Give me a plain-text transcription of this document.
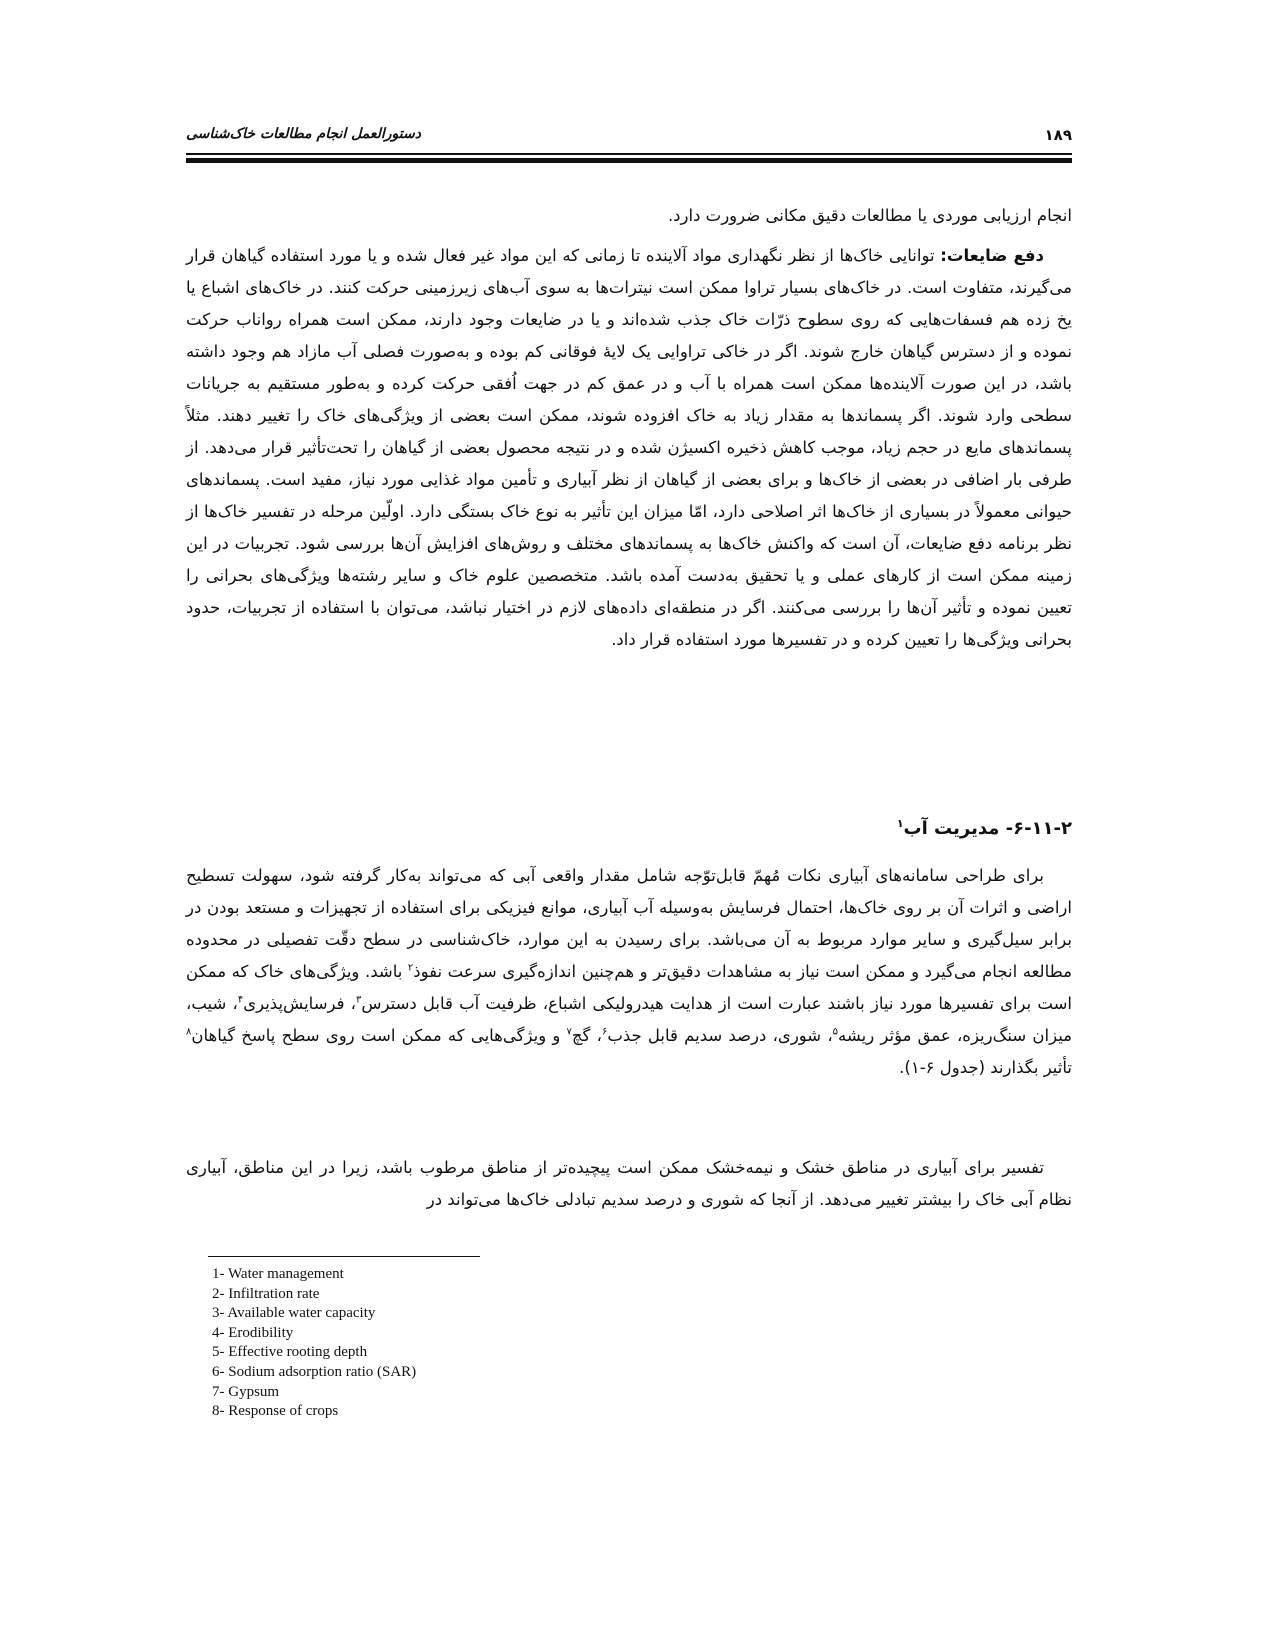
دستورالعمل انجام مطالعات خاک‌شناسی	۱۸۹

انجام ارزیابی موردی یا مطالعات دقیق مکانی ضرورت دارد.

دفع ضایعات: توانایی خاک‌ها از نظر نگهداری مواد آلاینده تا زمانی که این مواد غیر فعال شده و یا مورد استفاده گیاهان قرار می‌گیرند، متفاوت است. در خاک‌های بسیار تراوا ممکن است نیترات‌ها به سوی آب‌های زیرزمینی حرکت کنند. در خاک‌های اشباع یا یخ زده هم فسفات‌هایی که روی سطوح ذرّات خاک جذب شده‌اند و یا در ضایعات وجود دارند، ممکن است همراه رواناب حرکت نموده و از دسترس گیاهان خارج شوند. اگر در خاکی تراوایی یک لایهٔ فوقانی کم بوده و به‌صورت فصلی آب مازاد هم وجود داشته باشد، در این صورت آلاینده‌ها ممکن است همراه با آب و در عمق کم در جهت اُفقی حرکت کرده و به‌طور مستقیم به جریانات سطحی وارد شوند. اگر پسماندها به مقدار زیاد به خاک افزوده شوند، ممکن است بعضی از ویژگی‌های خاک را تغییر دهند. مثلاً پسماندهای مایع در حجم زیاد، موجب کاهش ذخیره اکسیژن شده و در نتیجه محصول بعضی از گیاهان را تحت‌تأثیر قرار می‌دهد. از طرفی بار اضافی در بعضی از خاک‌ها و برای بعضی از گیاهان از نظر آبیاری و تأمین مواد غذایی مورد نیاز، مفید است. پسماندهای حیوانی معمولاً در بسیاری از خاک‌ها اثر اصلاحی دارد، امّا میزان این تأثیر به نوع خاک بستگی دارد. اولّین مرحله در تفسیر خاک‌ها از نظر برنامه دفع ضایعات، آن است که واکنش خاک‌ها به پسماندهای مختلف و روش‌های افزایش آن‌ها بررسی شود. تجربیات در این زمینه ممکن است از کارهای عملی و یا تحقیق به‌دست آمده باشد. متخصصین علوم خاک و سایر رشته‌ها ویژگی‌های بحرانی را تعیین نموده و تأثیر آن‌ها را بررسی می‌کنند. اگر در منطقه‌ای داده‌های لازم در اختیار نباشد، می‌توان با استفاده از تجربیات، حدود بحرانی ویژگی‌ها را تعیین کرده و در تفسیرها مورد استفاده قرار داد.

۶-۱۱-۲- مدیریت آب$^۱$

برای طراحی سامانه‌های آبیاری نکات مُهمّ قابل‌توّجه شامل مقدار واقعی آبی که می‌تواند به‌کار گرفته شود، سهولت تسطیح اراضی و اثرات آن بر روی خاک‌ها، احتمال فرسایش به‌وسیله آب آبیاری، موانع فیزیکی برای استفاده از تجهیزات و مستعد بودن در برابر سیل‌گیری و سایر موارد مربوط به آن می‌باشد. برای رسیدن به این موارد، خاک‌شناسی در سطح دقّت تفصیلی در محدوده مطالعه انجام می‌گیرد و ممکن است نیاز به مشاهدات دقیق‌تر و هم‌چنین اندازه‌گیری سرعت نفوذ$^۲$ باشد. ویژگی‌های خاک که ممکن است برای تفسیرها مورد نیاز باشند عبارت است از هدایت هیدرولیکی اشباع، ظرفیت آب قابل دسترس$^۳$، فرسایش‌پذیری$^۴$، شیب، میزان سنگ‌ریزه، عمق مؤثر ریشه$^۵$، شوری، درصد سدیم قابل جذب$^۶$، گچ$^۷$ و ویژگی‌هایی که ممکن است روی سطح پاسخ گیاهان$^۸$ تأثیر بگذارند (جدول ۶-۱).

تفسیر برای آبیاری در مناطق خشک و نیمه‌خشک ممکن است پیچیده‌تر از مناطق مرطوب باشد، زیرا در این مناطق، آبیاری نظام آبی خاک را بیشتر تغییر می‌دهد. از آنجا که شوری و درصد سدیم تبادلی خاک‌ها می‌تواند در

1- Water management
2- Infiltration rate
3- Available water capacity
4- Erodibility
5- Effective rooting depth
6- Sodium adsorption ratio (SAR)
7- Gypsum
8- Response of crops
